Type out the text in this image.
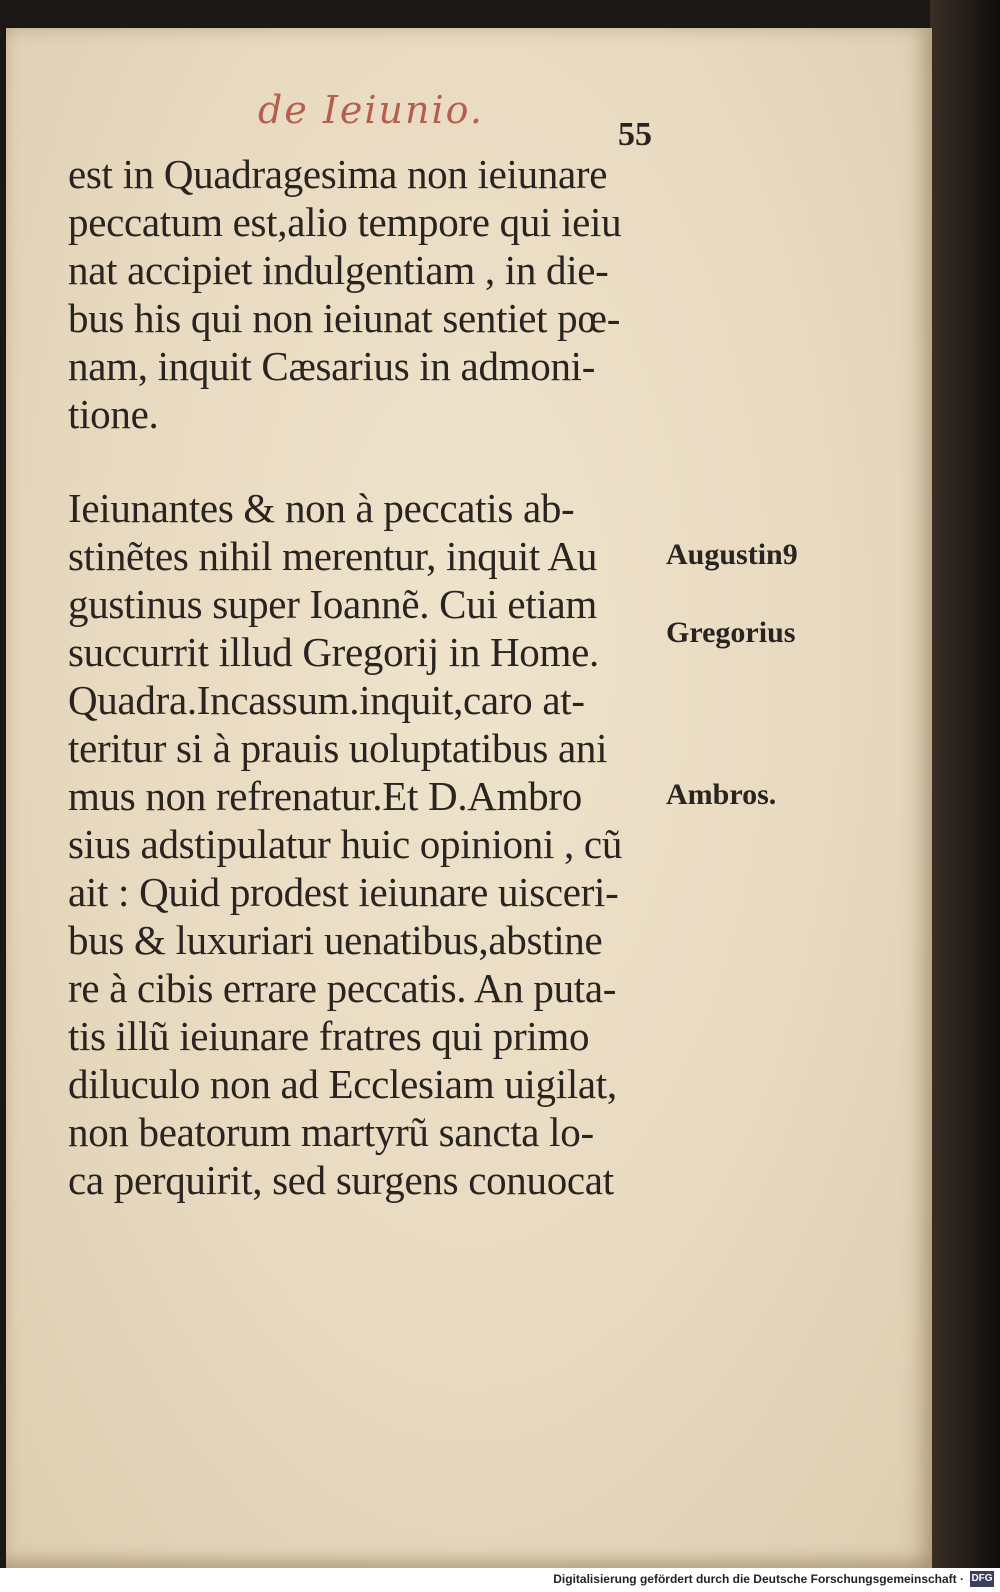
de Ieiunio.
55
est in Quadragesima non ieiunare
peccatum est,alio tempore qui ieiu
nat accipiet indulgentiam , in die-
bus his qui non ieiunat sentiet pœ-
nam, inquit Cæsarius in admoni-
tione.
Ieiunantes & non à peccatis ab-
stinẽtes nihil merentur, inquit Au
gustinus super Ioannẽ. Cui etiam
succurrit illud Gregorij in Home.
Quadra.Incassum.inquit,caro at-
teritur si à prauis uoluptatibus ani
mus non refrenatur.Et D.Ambro
sius adstipulatur huic opinioni , cũ
ait : Quid prodest ieiunare uisceri-
bus & luxuriari uenatibus,abstine
re à cibis errare peccatis. An puta-
tis illũ ieiunare fratres qui primo
diluculo non ad Ecclesiam uigilat,
non beatorum martyrũ sancta lo-
ca perquirit, sed surgens conuocat
Augustin9
Gregorius
Ambros.
Digitalisierung gefördert durch die Deutsche Forschungsgemeinschaft · DFG
